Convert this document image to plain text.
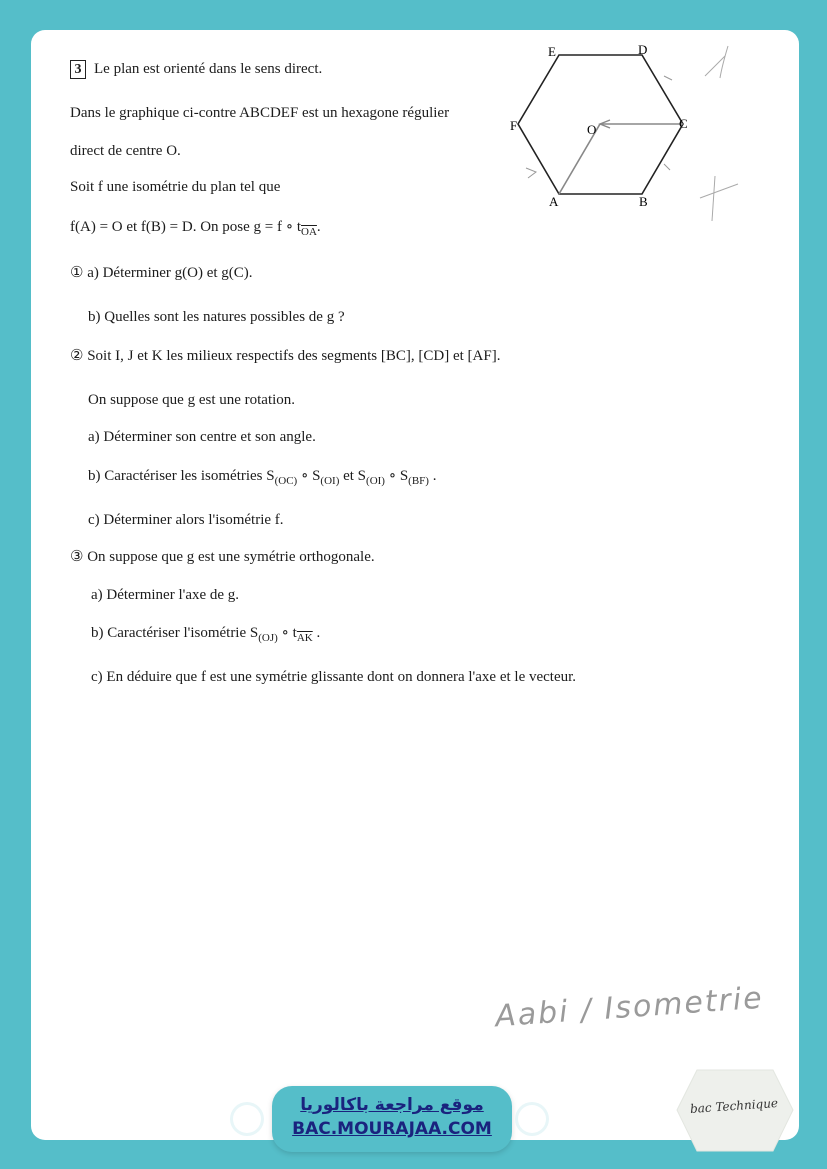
3 Le plan est orienté dans le sens direct.
Dans le graphique ci-contre ABCDEF est un hexagone régulier
direct de centre O.
Soit f une isométrie du plan tel que
f(A) = O et f(B) = D. On pose g = f ∘ $t_{\overline{OA}}$.
① a) Déterminer g(O) et g(C).
b) Quelles sont les natures possibles de g ?
② Soit I, J et K les milieux respectifs des segments [BC], [CD] et [AF].
On suppose que g est une rotation.
a) Déterminer son centre et son angle.
b) Caractériser les isométries $S_{(OC)}$ ∘ $S_{(OI)}$ et $S_{(OI)}$ ∘ $S_{(BF)}$ .
c) Déterminer alors l'isométrie f.
③ On suppose que g est une symétrie orthogonale.
a) Déterminer l'axe de g.
b) Caractériser l'isométrie $S_{(OJ)}$ ∘ $t_{\overline{AK}}$ .
c) En déduire que f est une symétrie glissante dont on donnera l'axe et le vecteur.
E	D
F	O	C
A	B
Aabi / Isometrie
موقع مراجعة باكالوريا
BAC.MOURAJAA.COM
bac Technique
